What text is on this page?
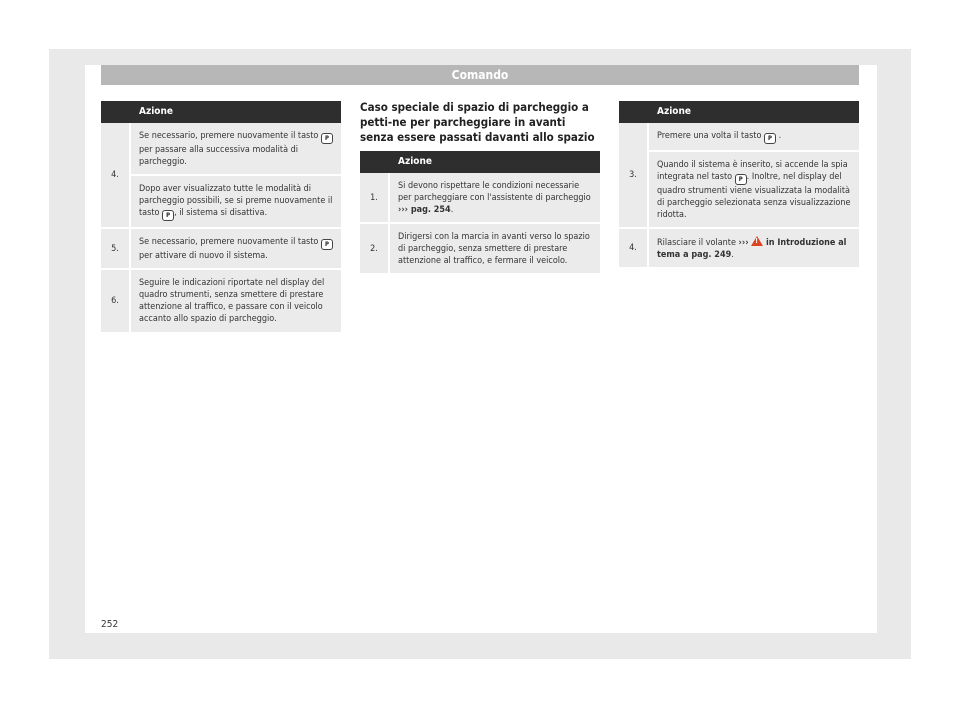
Comando
	Azione
4.	Se necessario, premere nuovamente il tasto P per passare alla successiva modalità di parcheggio.
	Dopo aver visualizzato tutte le modalità di parcheggio possibili, se si preme nuovamente il tasto P , il sistema si disattiva.
5.	Se necessario, premere nuovamente il tasto P per attivare di nuovo il sistema.
6.	Seguire le indicazioni riportate nel display del quadro strumenti, senza smettere di prestare attenzione al traffico, e passare con il veicolo accanto allo spazio di parcheggio.
Caso speciale di spazio di parcheggio a petti-ne per parcheggiare in avanti senza essere passati davanti allo spazio
	Azione
1.	Si devono rispettare le condizioni necessarie per parcheggiare con l'assistente di parcheggio ››› pag. 254.
2.	Dirigersi con la marcia in avanti verso lo spazio di parcheggio, senza smettere di prestare attenzione al traffico, e fermare il veicolo.
	Azione
3.	Premere una volta il tasto P .
	Quando il sistema è inserito, si accende la spia integrata nel tasto P . Inoltre, nel display del quadro strumenti viene visualizzata la modalità di parcheggio selezionata senza visualizzazione ridotta.
4.	Rilasciare il volante ››› ! in Introduzione al tema a pag. 249.
252
